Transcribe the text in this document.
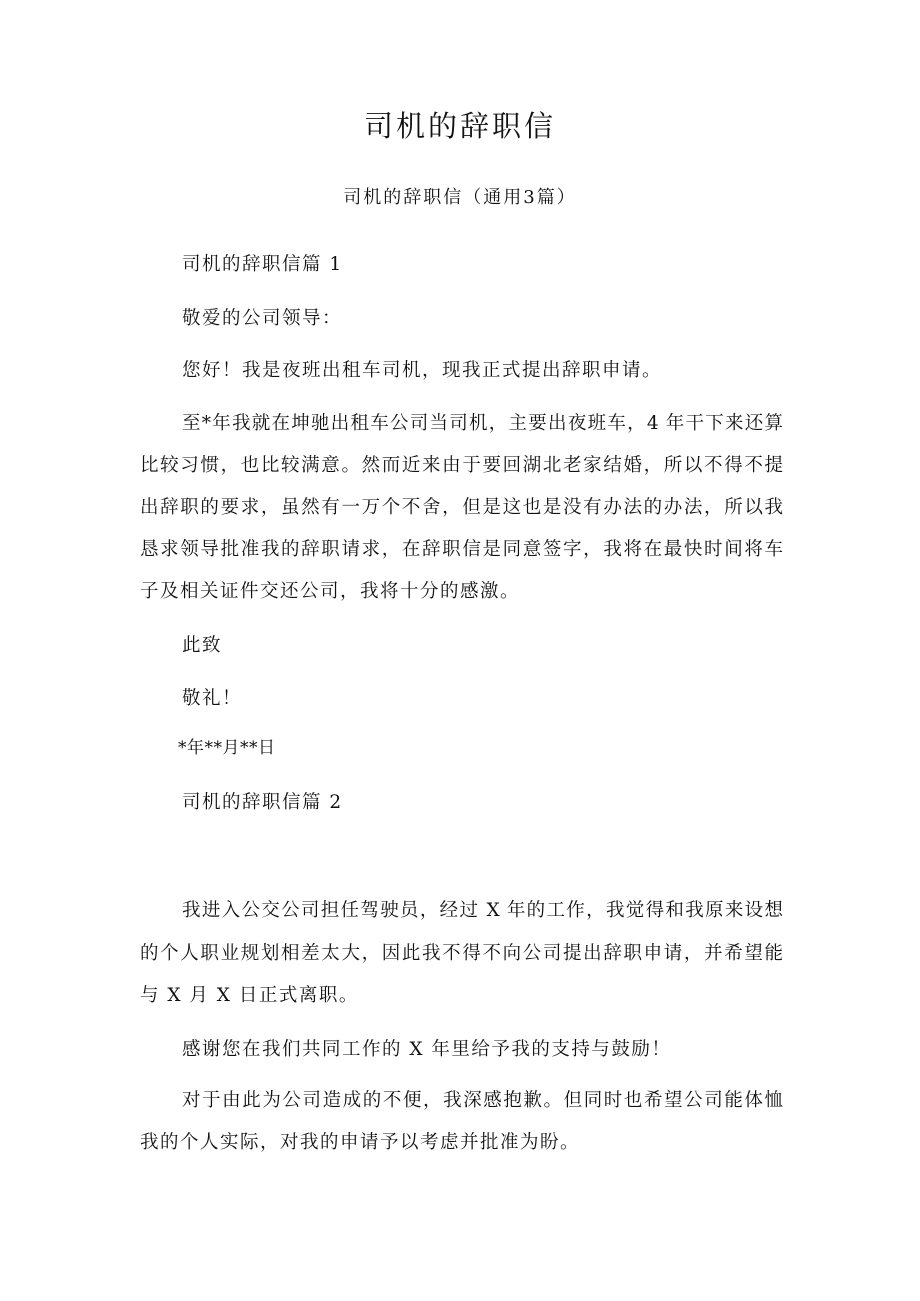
司机的辞职信

司机的辞职信（通用3篇）

司机的辞职信篇 1

敬爱的公司领导：

您好！我是夜班出租车司机，现我正式提出辞职申请。

至*年我就在坤驰出租车公司当司机，主要出夜班车，4 年干下来还算

比较习惯，也比较满意。然而近来由于要回湖北老家结婚，所以不得不提

出辞职的要求，虽然有一万个不舍，但是这也是没有办法的办法，所以我

恳求领导批准我的辞职请求，在辞职信是同意签字，我将在最快时间将车

子及相关证件交还公司，我将十分的感激。

此致

敬礼！

*年**月**日

司机的辞职信篇 2

我进入公交公司担任驾驶员，经过 X 年的工作，我觉得和我原来设想

的个人职业规划相差太大，因此我不得不向公司提出辞职申请，并希望能

与 X 月 X 日正式离职。

感谢您在我们共同工作的 X 年里给予我的支持与鼓励！

对于由此为公司造成的不便，我深感抱歉。但同时也希望公司能体恤

我的个人实际，对我的申请予以考虑并批准为盼。
